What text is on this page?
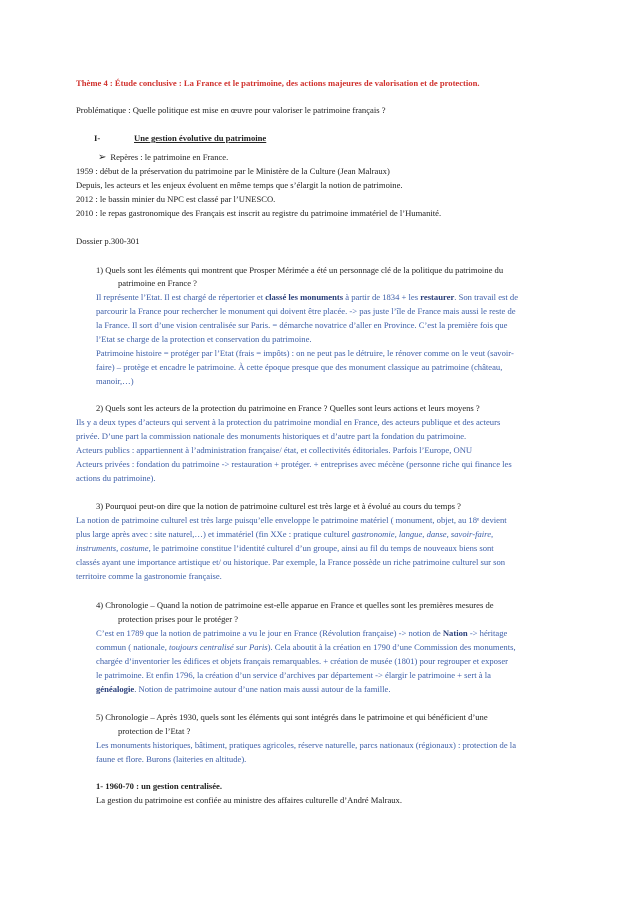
Thème 4 : Étude conclusive : La France et le patrimoine, des actions majeures de valorisation et de protection.
Problématique : Quelle politique est mise en œuvre pour valoriser le patrimoine français ?
I-	Une gestion évolutive du patrimoine
➢ Repères : le patrimoine en France.
1959 : début de la préservation du patrimoine par le Ministère de la Culture (Jean Malraux)
Depuis, les acteurs et les enjeux évoluent en même temps que s’élargit la notion de patrimoine.
2012 : le bassin minier du NPC est classé par l’UNESCO.
2010 : le repas gastronomique des Français est inscrit au registre du patrimoine immatériel de l’Humanité.
Dossier p.300-301
1) Quels sont les éléments qui montrent que Prosper Mérimée a été un personnage clé de la politique du patrimoine du
patrimoine en France ?
Il représente l’Etat. Il est chargé de répertorier et classé les monuments à partir de 1834 + les restaurer. Son travail est de
parcourir la France pour rechercher le monument qui doivent être placée. -> pas juste l’île de France mais aussi le reste de
la France. Il sort d’une vision centralisée sur Paris. = démarche novatrice d’aller en Province. C’est la première fois que
l’Etat se charge de la protection et conservation du patrimoine.
Patrimoine histoire = protéger par l’Etat (frais = impôts) : on ne peut pas le détruire, le rénover comme on le veut (savoir-
faire) – protège et encadre le patrimoine. À cette époque presque que des monument classique au patrimoine (château,
manoir,…)
2) Quels sont les acteurs de la protection du patrimoine en France ? Quelles sont leurs actions et leurs moyens ?
Ils y a deux types d’acteurs qui servent à la protection du patrimoine mondial en France, des acteurs publique et des acteurs
privée. D’une part la commission nationale des monuments historiques et d’autre part la fondation du patrimoine.
Acteurs publics : appartiennent à l’administration française/ état, et collectivités éditoriales. Parfois l’Europe, ONU
Acteurs privées : fondation du patrimoine -> restauration + protéger. + entreprises avec mécène (personne riche qui finance les
actions du patrimoine).
3) Pourquoi peut-on dire que la notion de patrimoine culturel est très large et à évolué au cours du temps ?
La notion de patrimoine culturel est très large puisqu’elle enveloppe le patrimoine matériel ( monument, objet, au 18ᵉ devient
plus large après avec : site naturel,…) et immatériel (fin XXe : pratique culturel gastronomie, langue, danse, savoir-faire,
instruments, costume, le patrimoine constitue l’identité culturel d’un groupe, ainsi au fil du temps de nouveaux biens sont
classés ayant une importance artistique et/ ou historique. Par exemple, la France possède un riche patrimoine culturel sur son
territoire comme la gastronomie française.
4) Chronologie – Quand la notion de patrimoine est-elle apparue en France et quelles sont les premières mesures de
protection prises pour le protéger ?
C’est en 1789 que la notion de patrimoine a vu le jour en France (Révolution française) -> notion de Nation -> héritage
commun ( nationale, toujours centralisé sur Paris). Cela aboutit à la création en 1790 d’une Commission des monuments,
chargée d’inventorier les édifices et objets français remarquables. + création de musée (1801) pour regrouper et exposer
le patrimoine. Et enfin 1796, la création d’un service d’archives par département -> élargir le patrimoine + sert à la
généalogie. Notion de patrimoine autour d’une nation mais aussi autour de la famille.
5) Chronologie – Après 1930, quels sont les éléments qui sont intégrés dans le patrimoine et qui bénéficient d’une
protection de l’Etat ?
Les monuments historiques, bâtiment, pratiques agricoles, réserve naturelle, parcs nationaux (régionaux) : protection de la
faune et flore. Burons (laiteries en altitude).
1- 1960-70 : un gestion centralisée.
La gestion du patrimoine est confiée au ministre des affaires culturelle d’André Malraux.
